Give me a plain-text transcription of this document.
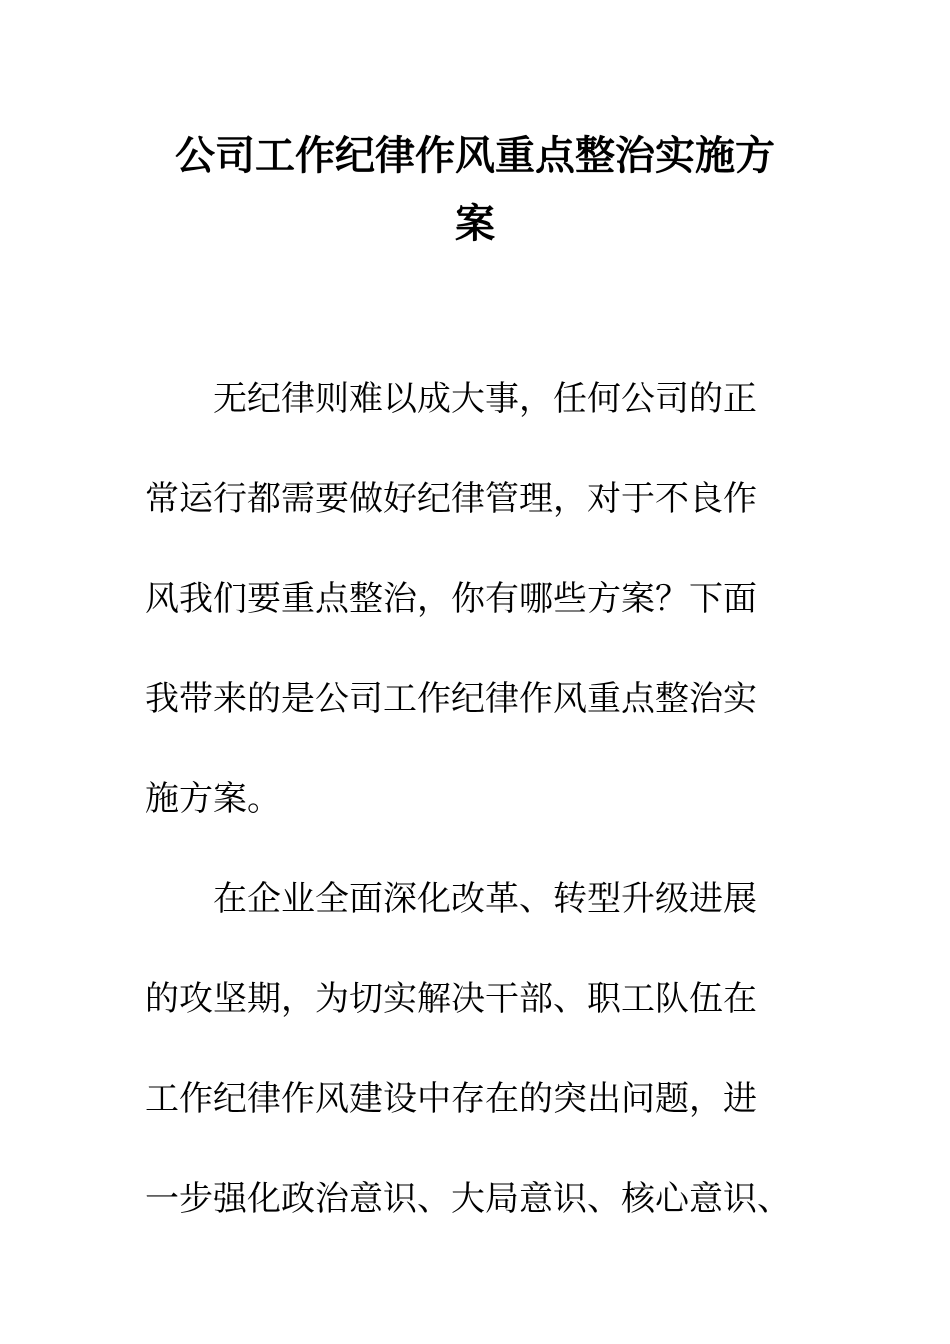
公司工作纪律作风重点整治实施方
案
无纪律则难以成大事，任何公司的正
常运行都需要做好纪律管理，对于不良作
风我们要重点整治，你有哪些方案？下面
我带来的是公司工作纪律作风重点整治实
施方案。
在企业全面深化改革、转型升级进展
的攻坚期，为切实解决干部、职工队伍在
工作纪律作风建设中存在的突出问题，进
一步强化政治意识、大局意识、核心意识、
